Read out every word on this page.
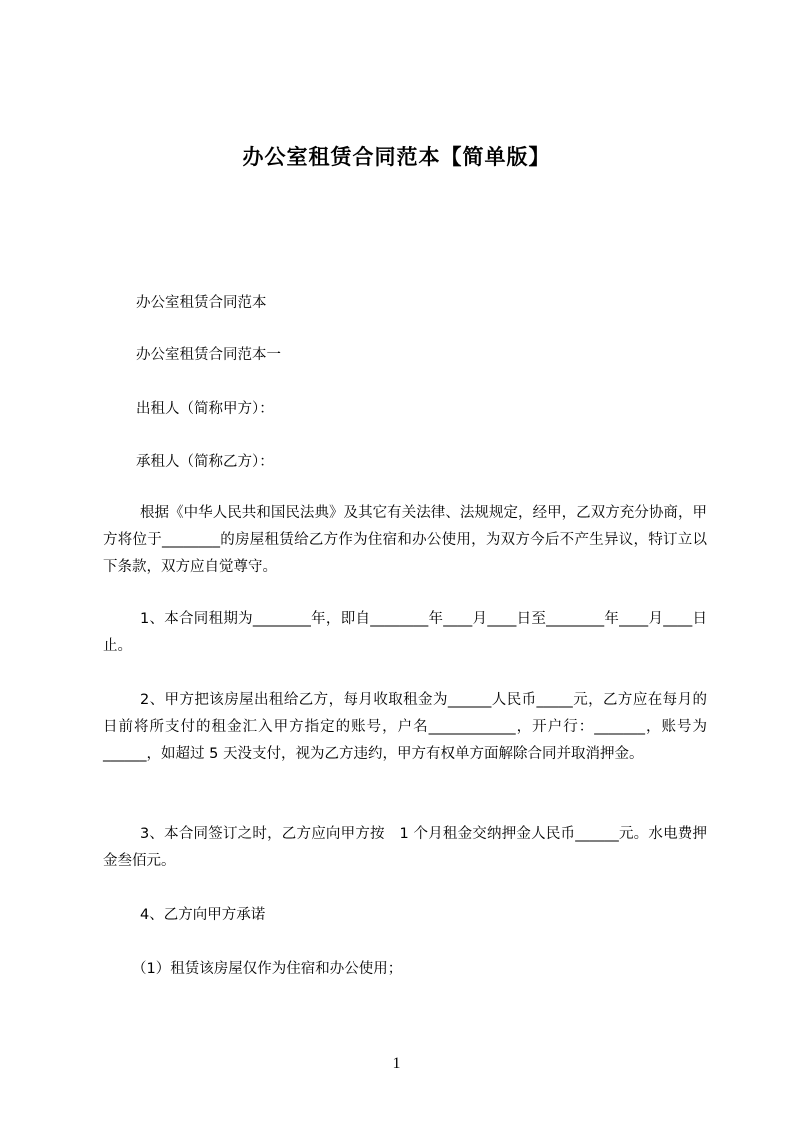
办公室租赁合同范本【简单版】

办公室租赁合同范本

办公室租赁合同范本一

出租人（简称甲方）：

承租人（简称乙方）：

根据《中华人民共和国民法典》及其它有关法律、法规规定，经甲，乙双方充分协商，甲方将位于________的房屋租赁给乙方作为住宿和办公使用，为双方今后不产生异议，特订立以下条款，双方应自觉尊守。

1、本合同租期为________年，即自________年____月____日至________年____月____日止。

2、甲方把该房屋出租给乙方，每月收取租金为______人民币_____元，乙方应在每月的日前将所支付的租金汇入甲方指定的账号，户名____________，开户行：_______，账号为______，如超过 5 天没支付，视为乙方违约，甲方有权单方面解除合同并取消押金。

3、本合同签订之时，乙方应向甲方按　1 个月租金交纳押金人民币______元。水电费押金叁佰元。

4、乙方向甲方承诺

（1）租赁该房屋仅作为住宿和办公使用；

1
